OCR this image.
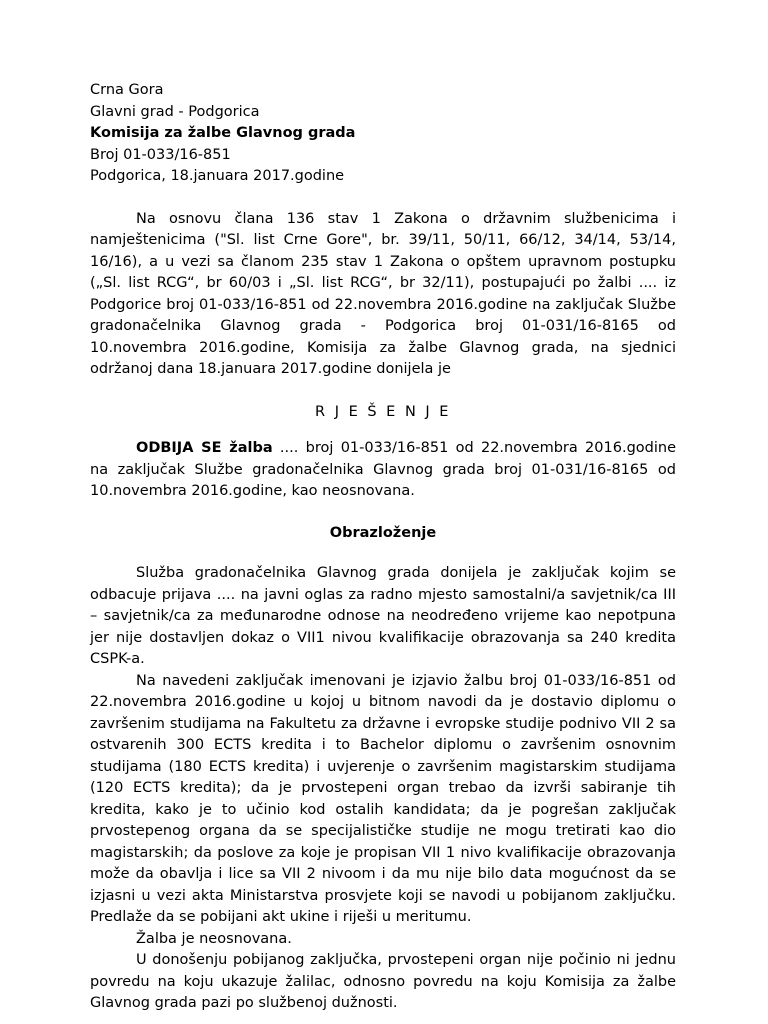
Crna Gora
Glavni grad - Podgorica
Komisija za žalbe Glavnog grada
Broj 01-033/16-851
Podgorica, 18.januara 2017.godine

Na osnovu člana 136 stav 1 Zakona o državnim službenicima i namještenicima ("Sl. list Crne Gore", br. 39/11, 50/11, 66/12, 34/14, 53/14, 16/16), a u vezi sa članom 235 stav 1 Zakona o opštem upravnom postupku („Sl. list RCG“, br 60/03 i „Sl. list RCG“, br 32/11), postupajući po žalbi .... iz Podgorice broj 01-033/16-851 od 22.novembra 2016.godine na zaključak Službe gradonačelnika Glavnog grada - Podgorica broj 01-031/16-8165 od 10.novembra 2016.godine, Komisija za žalbe Glavnog grada, na sjednici održanoj dana 18.januara 2017.godine donijela je

R J E Š E N J E

ODBIJA SE žalba .... broj 01-033/16-851 od 22.novembra 2016.godine na zaključak Službe gradonačelnika Glavnog grada broj 01-031/16-8165 od 10.novembra 2016.godine, kao neosnovana.

Obrazloženje

Služba gradonačelnika Glavnog grada donijela je zaključak kojim se odbacuje prijava .... na javni oglas za radno mjesto samostalni/a savjetnik/ca III – savjetnik/ca za međunarodne odnose na neodređeno vrijeme kao nepotpuna jer nije dostavljen dokaz o VII1 nivou kvalifikacije obrazovanja sa 240 kredita CSPK-a.

Na navedeni zaključak imenovani je izjavio žalbu broj 01-033/16-851 od 22.novembra 2016.godine u kojoj u bitnom navodi da je dostavio diplomu o završenim studijama na Fakultetu za državne i evropske studije podnivo VII 2 sa ostvarenih 300 ECTS kredita i to Bachelor diplomu o završenim osnovnim studijama (180 ECTS kredita) i uvjerenje o završenim magistarskim studijama (120 ECTS kredita); da je prvostepeni organ trebao da izvrši sabiranje tih kredita, kako je to učinio kod ostalih kandidata; da je pogrešan zaključak prvostepenog organa da se specijalističke studije ne mogu tretirati kao dio magistarskih; da poslove za koje je propisan VII 1 nivo kvalifikacije obrazovanja može da obavlja i lice sa VII 2 nivoom i da mu nije bilo data mogućnost da se izjasni u vezi akta Ministarstva prosvjete koji se navodi u pobijanom zaključku. Predlaže da se pobijani akt ukine i riješi u meritumu.

Žalba je neosnovana.

U donošenju pobijanog zaključka, prvostepeni organ nije počinio ni jednu povredu na koju ukazuje žalilac, odnosno povredu na koju Komisija za žalbe Glavnog grada pazi po službenoj dužnosti.
